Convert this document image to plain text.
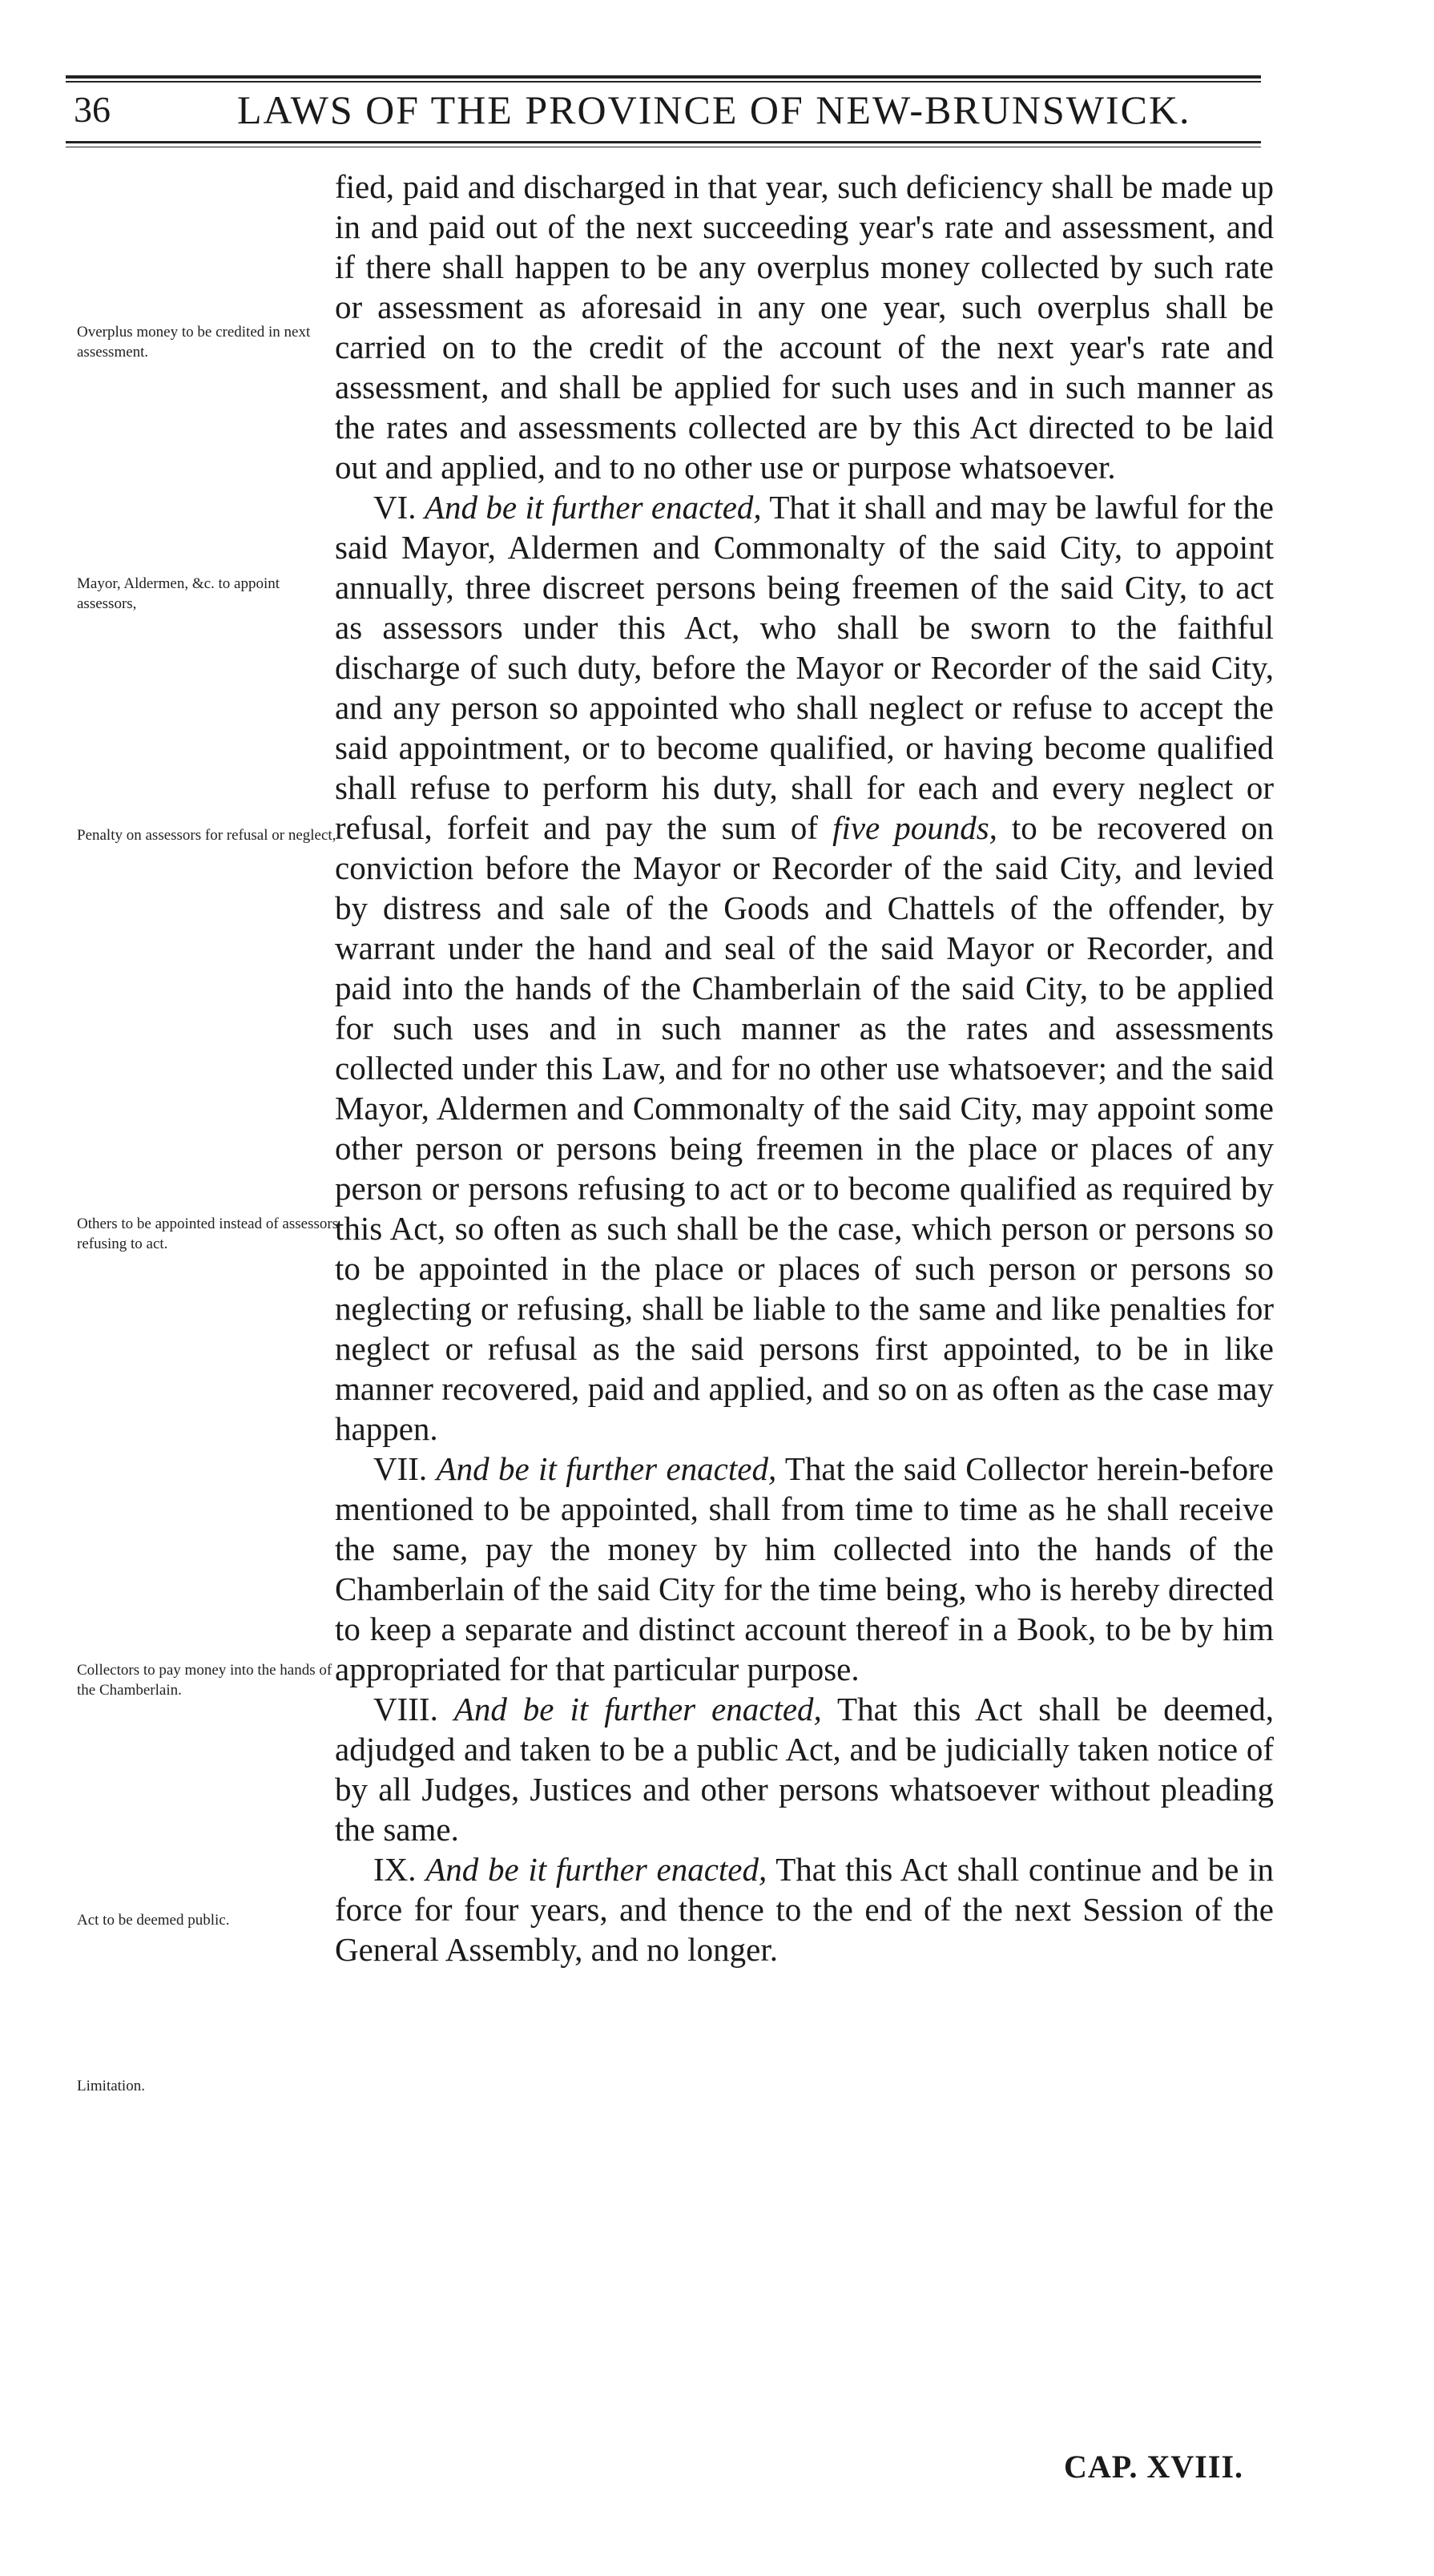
36	LAWS OF THE PROVINCE OF NEW-BRUNSWICK.
Overplus money to be credited in next assessment.
Mayor, Aldermen, &c. to appoint assessors,
Penalty on assessors for refusal or neglect,
Others to be appointed instead of assessors refusing to act.
Collectors to pay money into the hands of the Chamberlain.
Act to be deemed public.
Limitation.

fied, paid and discharged in that year, such deficiency shall be made up in and paid out of the next succeeding year's rate and assessment, and if there shall happen to be any overplus money collected by such rate or assessment as aforesaid in any one year, such overplus shall be carried on to the credit of the account of the next year's rate and assessment, and shall be applied for such uses and in such manner as the rates and assessments collected are by this Act directed to be laid out and applied, and to no other use or purpose whatsoever.

VI. And be it further enacted, That it shall and may be lawful for the said Mayor, Aldermen and Commonalty of the said City, to appoint annually, three discreet persons being freemen of the said City, to act as assessors under this Act, who shall be sworn to the faithful discharge of such duty, before the Mayor or Recorder of the said City, and any person so appointed who shall neglect or refuse to accept the said appointment, or to become qualified, or having become qualified shall refuse to perform his duty, shall for each and every neglect or refusal, forfeit and pay the sum of five pounds, to be recovered on conviction before the Mayor or Recorder of the said City, and levied by distress and sale of the Goods and Chattels of the offender, by warrant under the hand and seal of the said Mayor or Recorder, and paid into the hands of the Chamberlain of the said City, to be applied for such uses and in such manner as the rates and assessments collected under this Law, and for no other use whatsoever; and the said Mayor, Aldermen and Commonalty of the said City, may appoint some other person or persons being freemen in the place or places of any person or persons refusing to act or to become qualified as required by this Act, so often as such shall be the case, which person or persons so to be appointed in the place or places of such person or persons so neglecting or refusing, shall be liable to the same and like penalties for neglect or refusal as the said persons first appointed, to be in like manner recovered, paid and applied, and so on as often as the case may happen.

VII. And be it further enacted, That the said Collector herein-before mentioned to be appointed, shall from time to time as he shall receive the same, pay the money by him collected into the hands of the Chamberlain of the said City for the time being, who is hereby directed to keep a separate and distinct account thereof in a Book, to be by him appropriated for that particular purpose.

VIII. And be it further enacted, That this Act shall be deemed, adjudged and taken to be a public Act, and be judicially taken notice of by all Judges, Justices and other persons whatsoever without pleading the same.

IX. And be it further enacted, That this Act shall continue and be in force for four years, and thence to the end of the next Session of the General Assembly, and no longer.

CAP. XVIII.
